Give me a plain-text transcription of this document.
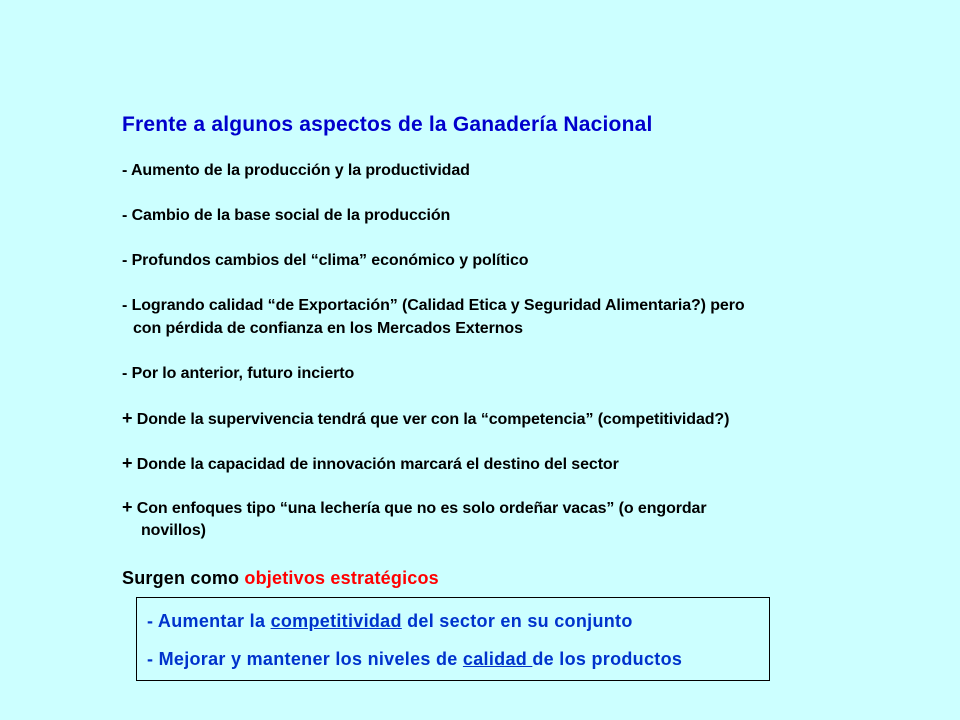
Frente a algunos aspectos de la Ganadería Nacional
- Aumento de la producción y la productividad
- Cambio de la base social de la producción
- Profundos cambios del “clima” económico y político
- Logrando calidad “de Exportación” (Calidad Etica y Seguridad Alimentaria?) pero
con pérdida de confianza en los Mercados Externos
- Por lo anterior, futuro incierto
+ Donde la supervivencia tendrá que ver con la “competencia” (competitividad?)
+ Donde la capacidad de innovación marcará el destino del sector
+ Con enfoques tipo “una lechería que no es solo ordeñar vacas” (o engordar
novillos)
Surgen como objetivos estratégicos
- Aumentar la competitividad del sector en su conjunto
- Mejorar y mantener los niveles de calidad de los productos
